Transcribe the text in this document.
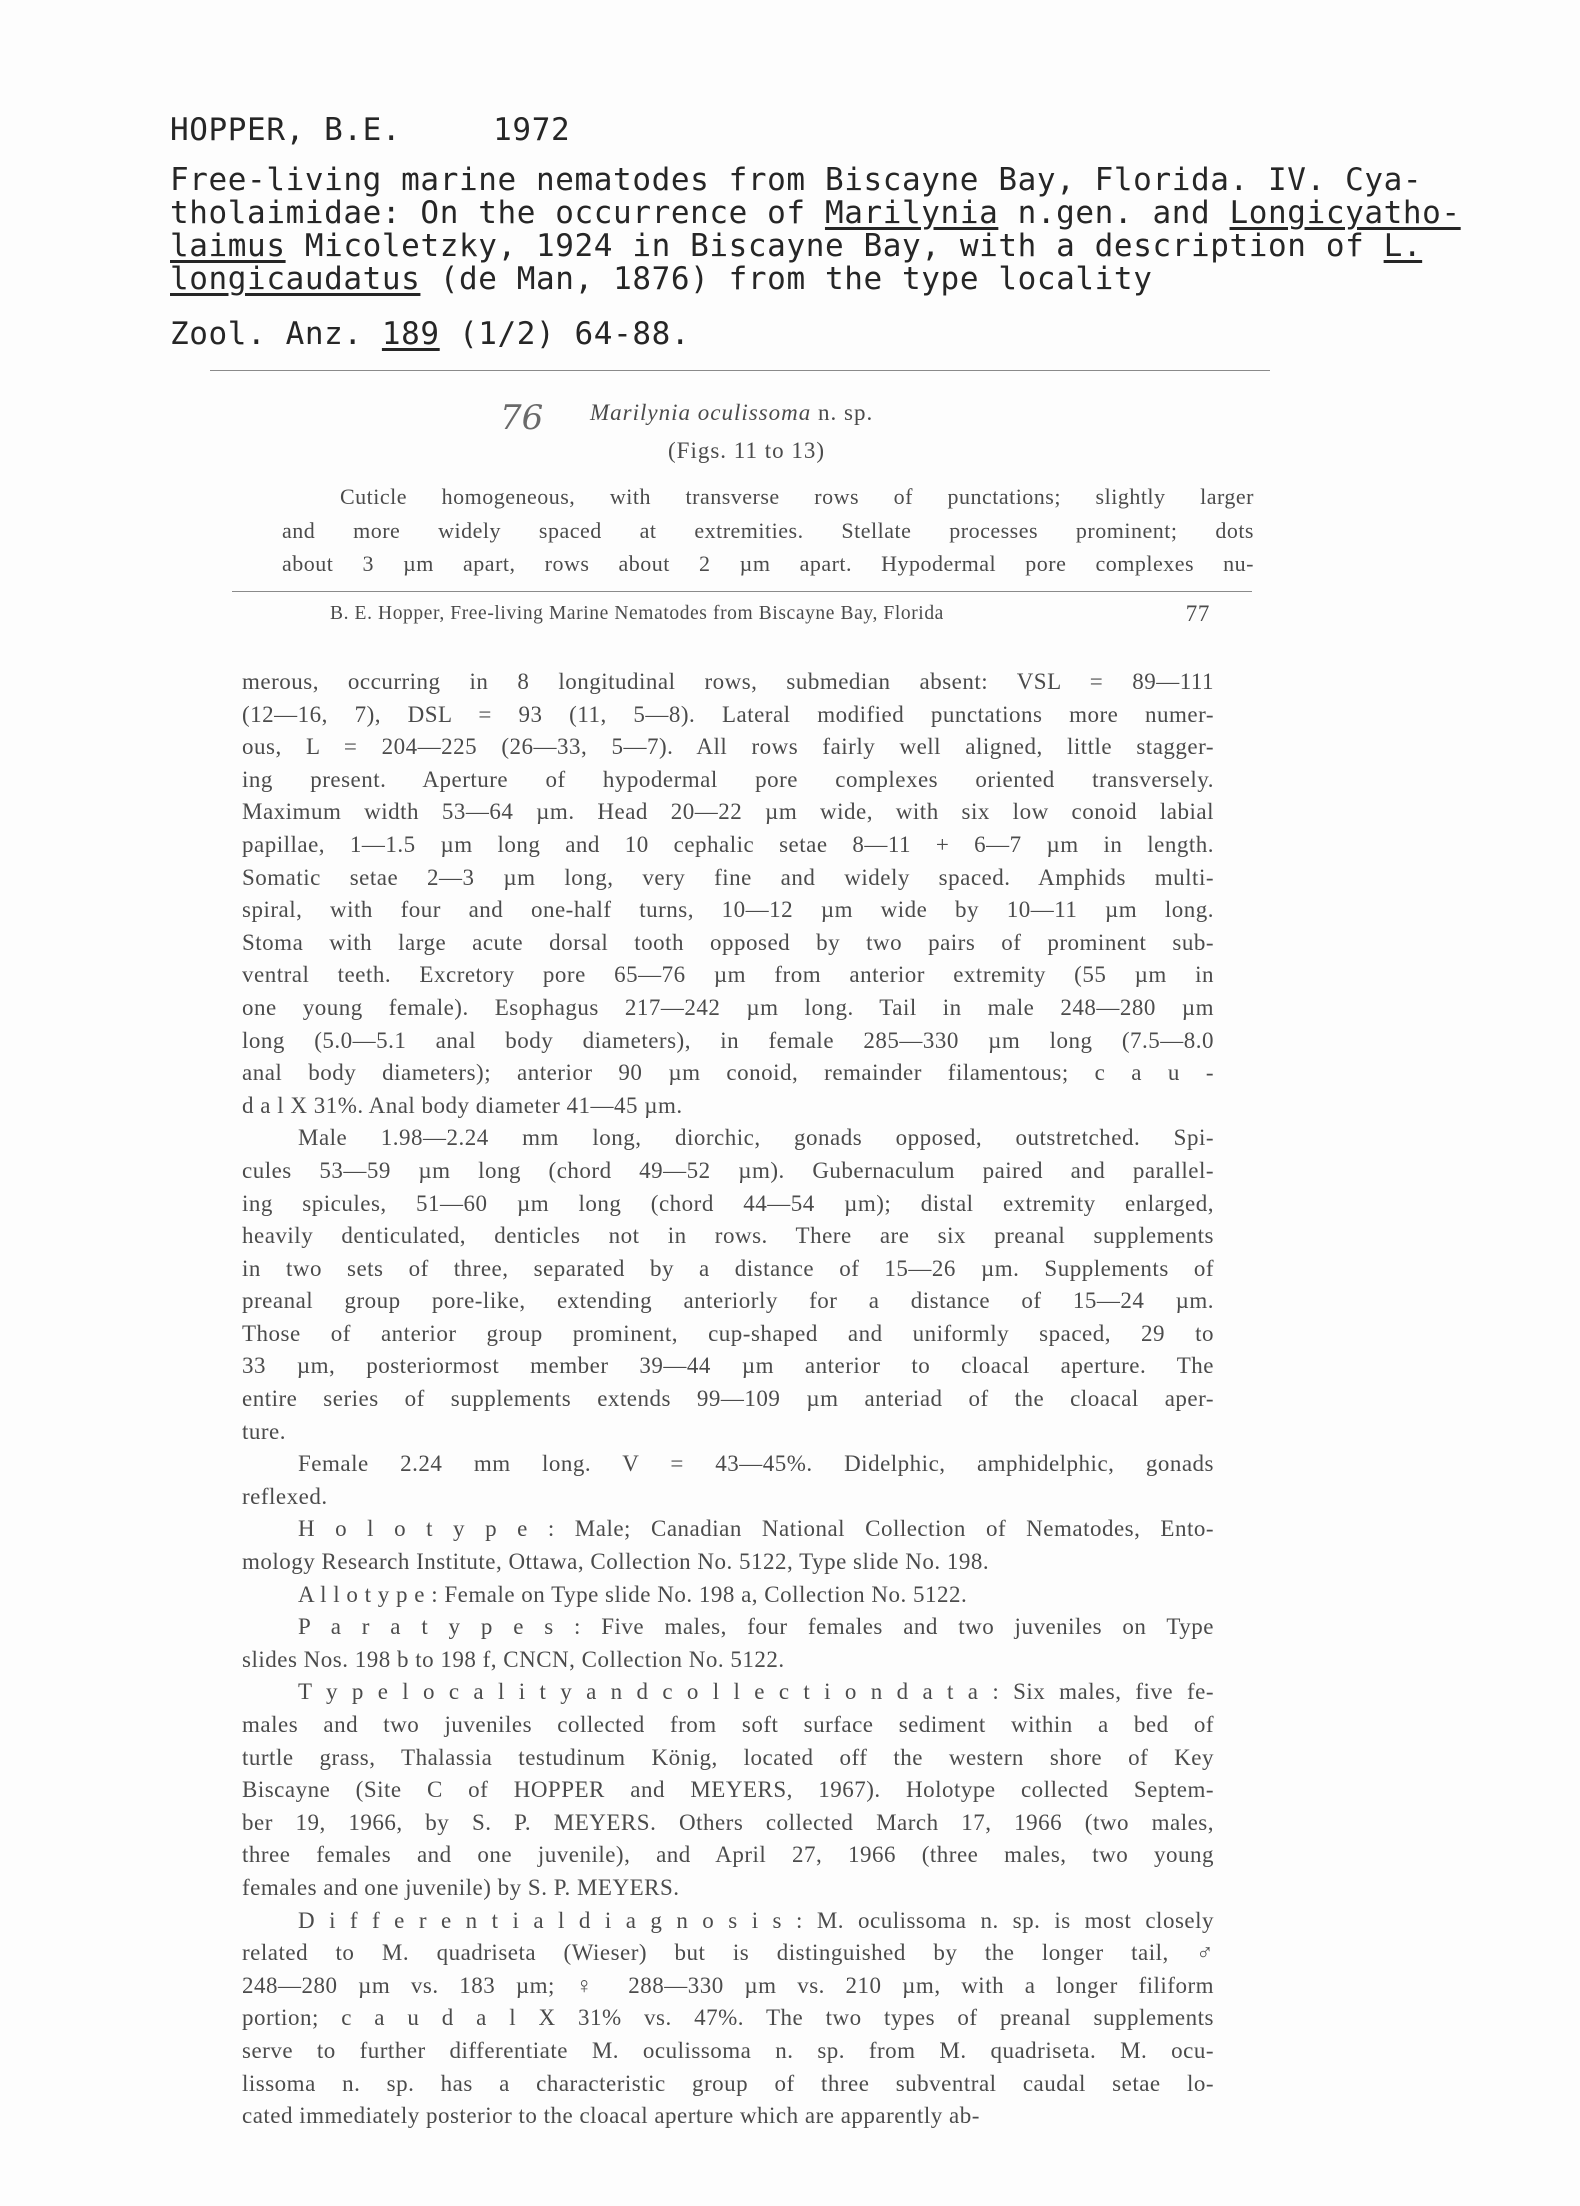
HOPPER, B.E.	1972
Free-living marine nematodes from Biscayne Bay, Florida. IV. Cya-
tholaimidae: On the occurrence of Marilynia n.gen. and Longicyatho-
laimus Micoletzky, 1924 in Biscayne Bay, with a description of L.
longicaudatus (de Man, 1876) from the type locality
Zool. Anz. 189 (1/2) 64-88.
76 Marilynia oculissoma n. sp.
(Figs. 11 to 13)

Cuticle homogeneous, with transverse rows of punctations; slightly larger

and more widely spaced at extremities. Stellate processes prominent; dots

about 3 µm apart, rows about 2 µm apart. Hypodermal pore complexes nu-

B. E. Hopper, Free-living Marine Nematodes from Biscayne Bay, Florida	77

merous, occurring in 8 longitudinal rows, submedian absent: VSL = 89—111

(12—16, 7), DSL = 93 (11, 5—8). Lateral modified punctations more numer-

ous, L = 204—225 (26—33, 5—7). All rows fairly well aligned, little stagger-

ing present. Aperture of hypodermal pore complexes oriented transversely.

Maximum width 53—64 µm. Head 20—22 µm wide, with six low conoid labial

papillae, 1—1.5 µm long and 10 cephalic setae 8—11 + 6—7 µm in length.

Somatic setae 2—3 µm long, very fine and widely spaced. Amphids multi-

spiral, with four and one-half turns, 10—12 µm wide by 10—11 µm long.

Stoma with large acute dorsal tooth opposed by two pairs of prominent sub-

ventral teeth. Excretory pore 65—76 µm from anterior extremity (55 µm in

one young female). Esophagus 217—242 µm long. Tail in male 248—280 µm

long (5.0—5.1 anal body diameters), in female 285—330 µm long (7.5—8.0

anal body diameters); anterior 90 µm conoid, remainder filamentous; c a u -

d a l X 31%. Anal body diameter 41—45 µm.

Male 1.98—2.24 mm long, diorchic, gonads opposed, outstretched. Spi-

cules 53—59 µm long (chord 49—52 µm). Gubernaculum paired and parallel-

ing spicules, 51—60 µm long (chord 44—54 µm); distal extremity enlarged,

heavily denticulated, denticles not in rows. There are six preanal supplements

in two sets of three, separated by a distance of 15—26 µm. Supplements of

preanal group pore-like, extending anteriorly for a distance of 15—24 µm.

Those of anterior group prominent, cup-shaped and uniformly spaced, 29 to

33 µm, posteriormost member 39—44 µm anterior to cloacal aperture. The

entire series of supplements extends 99—109 µm anteriad of the cloacal aper-

ture.

Female 2.24 mm long. V = 43—45%. Didelphic, amphidelphic, gonads

reflexed.

H o l o t y p e : Male; Canadian National Collection of Nematodes, Ento-

mology Research Institute, Ottawa, Collection No. 5122, Type slide No. 198.

A l l o t y p e : Female on Type slide No. 198 a, Collection No. 5122.

P a r a t y p e s : Five males, four females and two juveniles on Type

slides Nos. 198 b to 198 f, CNCN, Collection No. 5122.

T y p e l o c a l i t y a n d c o l l e c t i o n d a t a : Six males, five fe-

males and two juveniles collected from soft surface sediment within a bed of

turtle grass, Thalassia testudinum König, located off the western shore of Key

Biscayne (Site C of HOPPER and MEYERS, 1967). Holotype collected Septem-

ber 19, 1966, by S. P. MEYERS. Others collected March 17, 1966 (two males,

three females and one juvenile), and April 27, 1966 (three males, two young

females and one juvenile) by S. P. MEYERS.

D i f f e r e n t i a l d i a g n o s i s : M. oculissoma n. sp. is most closely

related to M. quadriseta (Wieser) but is distinguished by the longer tail, ♂

248—280 µm vs. 183 µm; ♀ 288—330 µm vs. 210 µm, with a longer filiform

portion; c a u d a l X 31% vs. 47%. The two types of preanal supplements

serve to further differentiate M. oculissoma n. sp. from M. quadriseta. M. ocu-

lissoma n. sp. has a characteristic group of three subventral caudal setae lo-

cated immediately posterior to the cloacal aperture which are apparently ab-
